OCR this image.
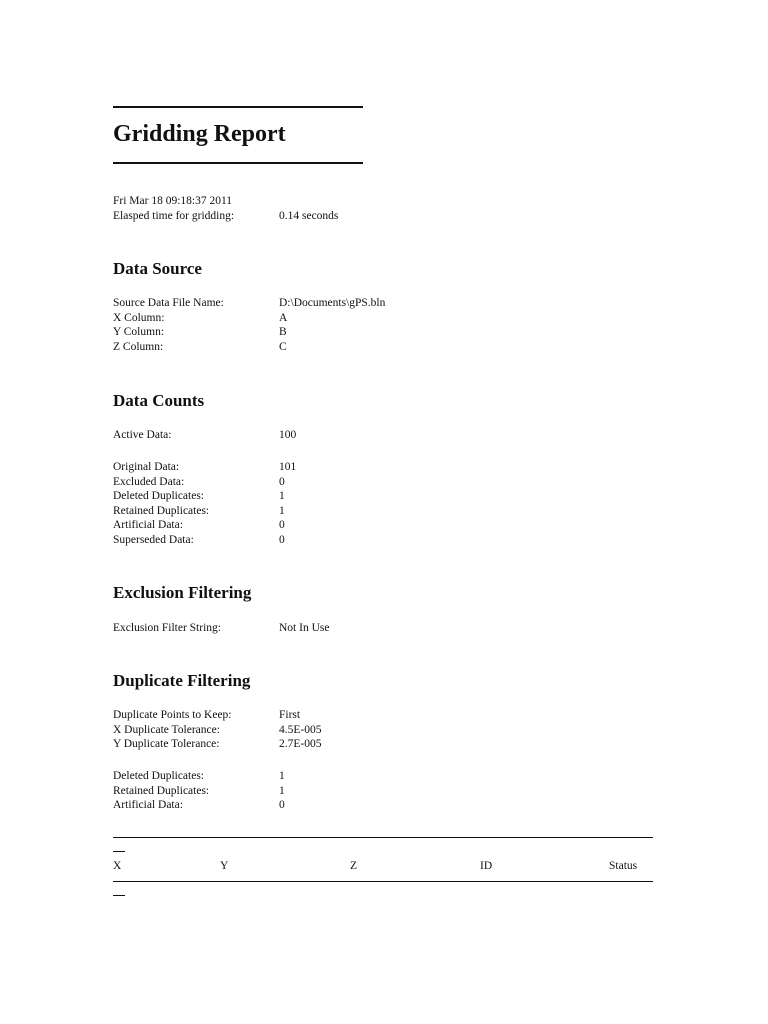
Gridding Report
Fri Mar 18 09:18:37 2011
Elasped time for gridding:	0.14 seconds
Data Source
Source Data File Name:	D:\Documents\gPS.bln
X Column:	A
Y Column:	B
Z Column:	C
Data Counts
Active Data:	100
Original Data:	101
Excluded Data:	0
Deleted Duplicates:	1
Retained Duplicates:	1
Artificial Data:	0
Superseded Data:	0
Exclusion Filtering
Exclusion Filter String:	Not In Use
Duplicate Filtering
Duplicate Points to Keep:	First
X Duplicate Tolerance:	4.5E-005
Y Duplicate Tolerance:	2.7E-005
Deleted Duplicates:	1
Retained Duplicates:	1
Artificial Data:	0
X	Y	Z	ID	Status
